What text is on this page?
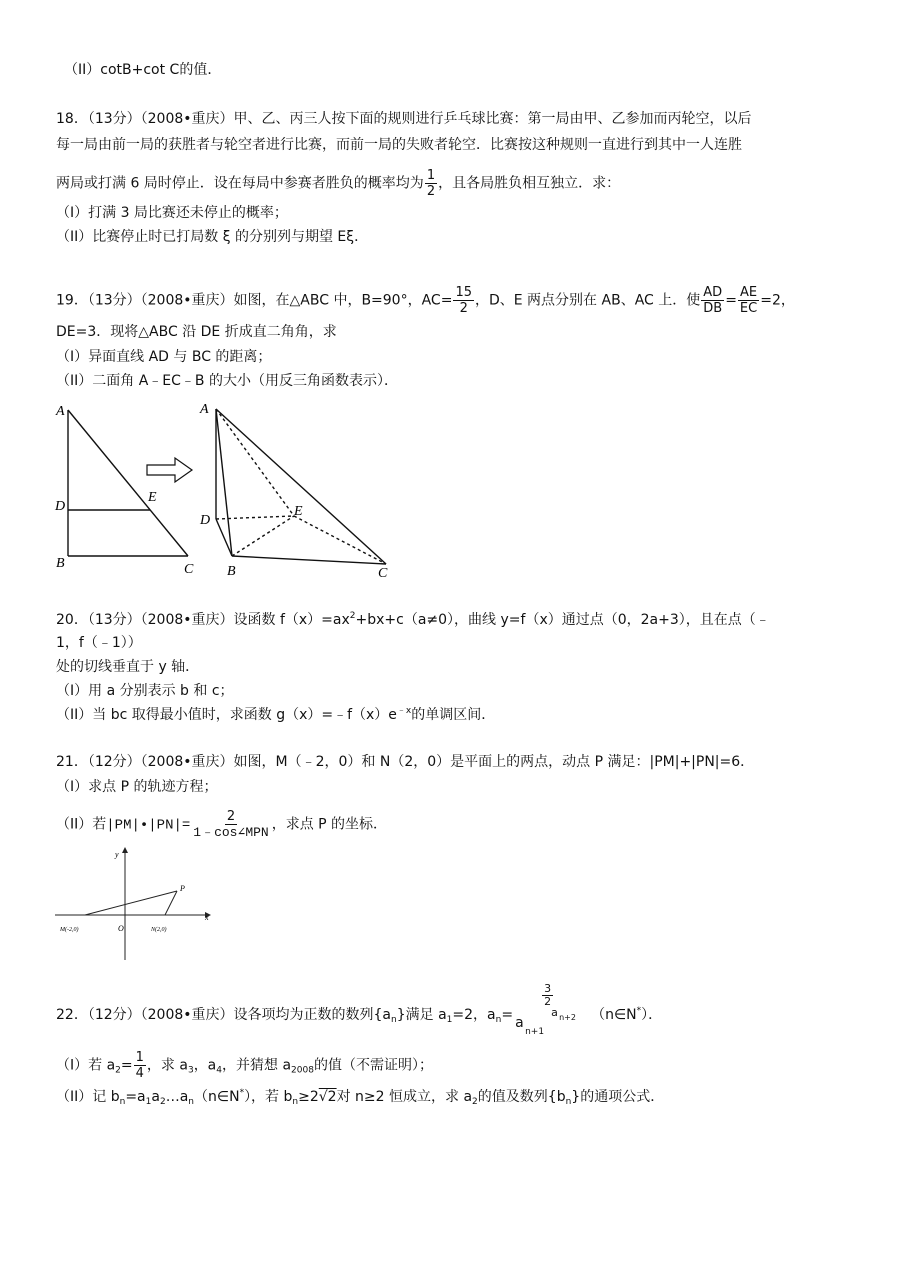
（II）cotB+cot C的值．
18．（13分）（2008•重庆）甲、乙、丙三人按下面的规则进行乒乓球比赛：第一局由甲、乙参加而丙轮空，以后
每一局由前一局的获胜者与轮空者进行比赛，而前一局的失败者轮空．比赛按这种规则一直进行到其中一人连胜
两局或打满 6 局时停止．设在每局中参赛者胜负的概率均为 $\frac{1}{2}$ ，且各局胜负相互独立．求：
（I）打满 3 局比赛还未停止的概率；
（II）比赛停止时已打局数 ξ 的分别列与期望 Eξ．
19．（13分）（2008•重庆）如图，在△ABC 中，B=90°，$AC= \frac{15}{2}$ ，D、E 两点分别在 AB、AC 上．使 $\frac{AD}{DB} = \frac{AE}{EC} =2$，
DE=3．现将△ABC 沿 DE 折成直二角角，求
（I）异面直线 AD 与 BC 的距离；
（II）二面角 A﹣EC﹣B 的大小（用反三角函数表示）．
A
D
E
B	C
A
D
E
B	C
20．（13分）（2008•重庆）设函数 $f(x)=ax^2+bx+c(a\ne 0)$，曲线 y=f（x）通过点（0，2a+3），且在点（﹣
1，f（﹣1））
处的切线垂直于 y 轴．
（I）用 a 分别表示 b 和 c；
（II）当 bc 取得最小值时，求函数 $g(x)=﹣f(x)e^{﹣x}$的单调区间．
21．（12分）（2008•重庆）如图，M（﹣2，0）和 N（2，0）是平面上的两点，动点 P 满足：|PM|+|PN|=6．
（I）求点 P 的轨迹方程；
（II）若|PM|•|PN|= $\frac{2}{\text{1﹣cos∠MPN}}$ ，求点 P 的坐标．
y
x
P
O
M(-2,0)	N(2,0)
22．（12分）（2008•重庆）设各项均为正数的数列$\{a_n\}$满足 $a_1=2$，$a_n= a$
n+1
$\frac{3}{2}$
a n+2 （n∈N*）．
（I）若 $a_2= \frac{1}{4}$ ，求 $a_3$，$a_4$，并猜想 $a_{2008}$的值（不需证明）；
（II）记 $b_n=a_1a_2\dots a_n(n\in N^*)$，若 $b_n\ge 2√2$对 n≥2 恒成立，求 $a_2$的值及数列$\{b_n\}$的通项公式．
